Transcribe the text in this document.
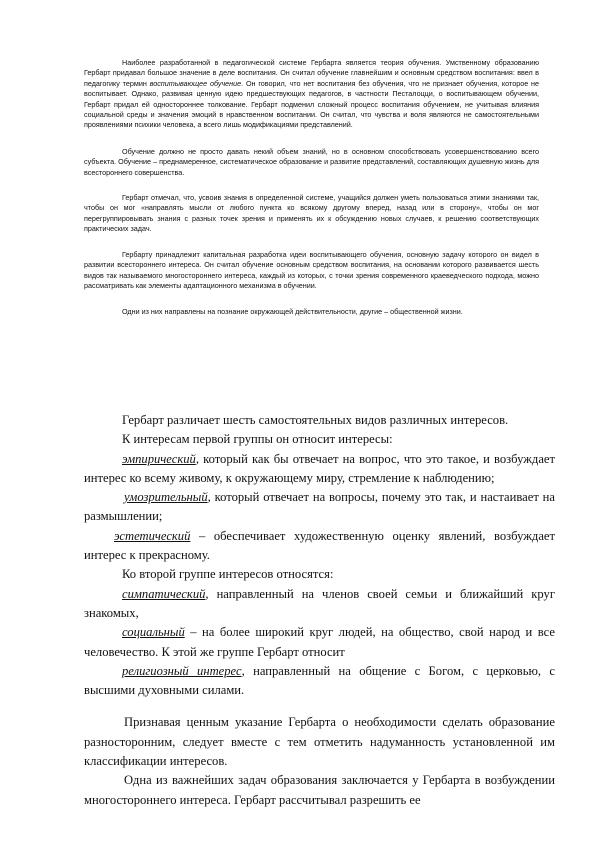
Наиболее разработанной в педагогической системе Гербарта является теория обучения. Умственному образованию Гербарт придавал большое значение в деле воспитания. Он считал обучение главнейшим и основным средством воспитания: ввел в педагогику термин воспитывающее обучение. Он говорил, что нет воспитания без обучения, что не признает обучения, которое не воспитывает. Однако, развивая ценную идею предшествующих педагогов, в частности Песталоцци, о воспитывающем обучении, Гербарт придал ей одностороннее толкование. Гербарт подменил сложный процесс воспитания обучением, не учитывая влияния социальной среды и значения эмоций в нравственном воспитании. Он считал, что чувства и воля являются не самостоятельными проявлениями психики человека, а всего лишь модификациями представлений.

Обучение должно не просто давать некий объем знаний, но в основном способствовать усовершенствованию всего субъекта. Обучение – преднамеренное, систематическое образование и развитие представлений, составляющих душевную жизнь для всестороннего совершенства.

Гербарт отмечал, что, усвоив знания в определенной системе, учащийся должен уметь пользоваться этими знаниями так, чтобы он мог «направлять мысли от любого пункта ко всякому другому вперед, назад или в сторону», чтобы он мог перегруппировывать знания с разных точек зрения и применять их к обсуждению новых случаев, к решению соответствующих практических задач.

Гербарту принадлежит капитальная разработка идеи воспитывающего обучения, основную задачу которого он видел в развитии всестороннего интереса. Он считал обучение основным средством воспитания, на основании которого развивается шесть видов так называемого многостороннего интереса, каждый из которых, с точки зрения современного краеведческого подхода, можно рассматривать как элементы адаптационного механизма в обучении.

Одни из них направлены на познание окружающей действительности, другие – общественной жизни.

Гербарт различает шесть самостоятельных видов различных интересов.

К интересам первой группы он относит интересы:

эмпирический, который как бы отвечает на вопрос, что это такое, и возбуждает интерес ко всему живому, к окружающему миру, стремление к наблюдению;

умозрительный, который отвечает на вопросы, почему это так, и настаивает на размышлении;

эстетический – обеспечивает художественную оценку явлений, возбуждает интерес к прекрасному.

Ко второй группе интересов относятся:

симпатический, направленный на членов своей семьи и ближайший круг знакомых,

социальный – на более широкий круг людей, на общество, свой народ и все человечество. К этой же группе Гербарт относит

религиозный интерес, направленный на общение с Богом, с церковью, с высшими духовными силами.

Признавая ценным указание Гербарта о необходимости сделать образование разносторонним, следует вместе с тем отметить надуманность установленной им классификации интересов.

Одна из важнейших задач образования заключается у Гербарта в возбуждении многостороннего интереса. Гербарт рассчитывал разрешить ее
